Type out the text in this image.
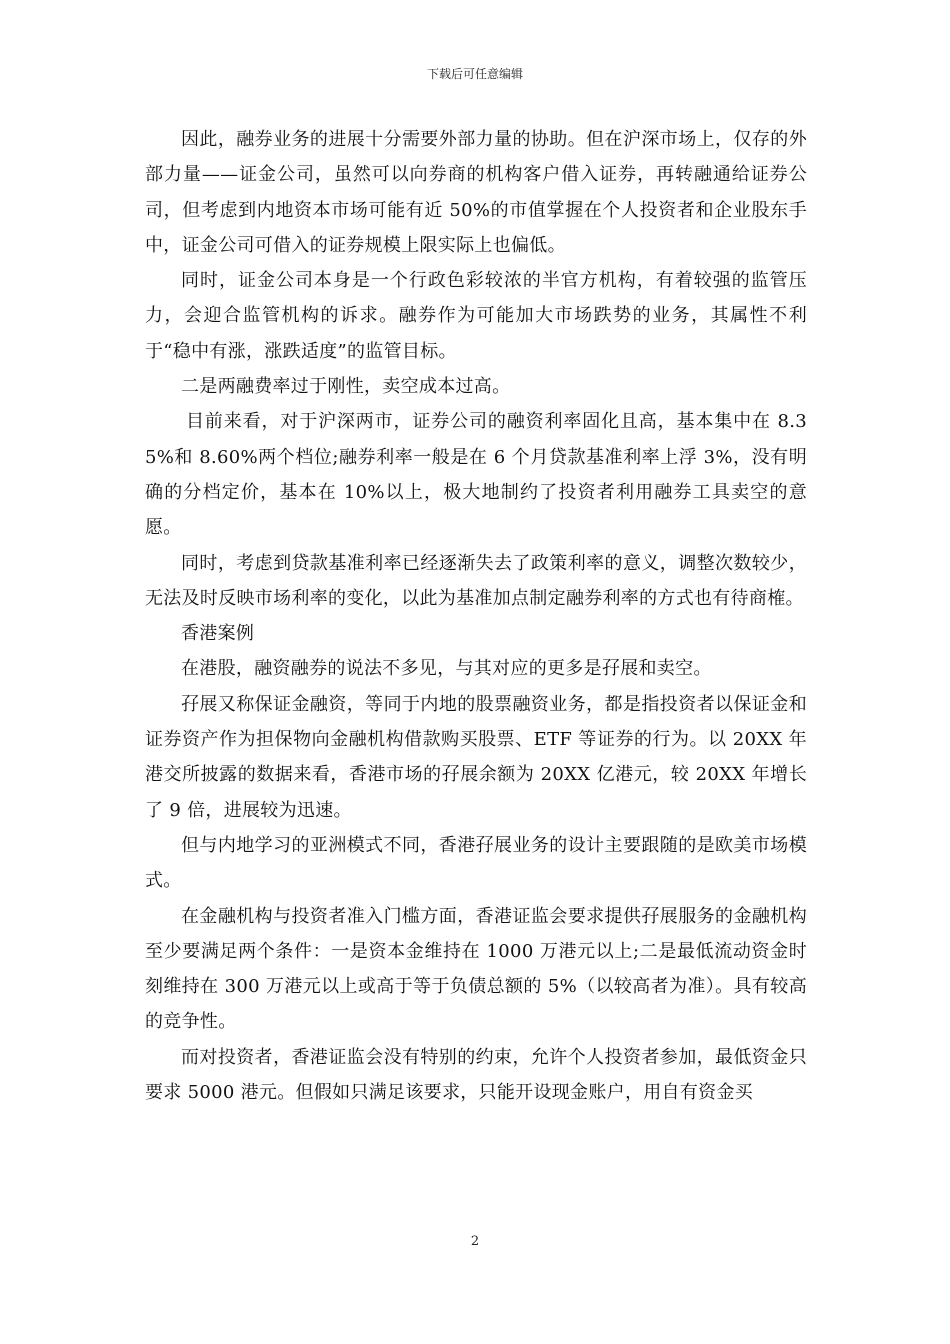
下载后可任意编辑

因此，融券业务的进展十分需要外部力量的协助。但在沪深市场上，仅存的外部力量——证金公司，虽然可以向券商的机构客户借入证券，再转融通给证券公司，但考虑到内地资本市场可能有近 50%的市值掌握在个人投资者和企业股东手中，证金公司可借入的证券规模上限实际上也偏低。

同时，证金公司本身是一个行政色彩较浓的半官方机构，有着较强的监管压力，会迎合监管机构的诉求。融券作为可能加大市场跌势的业务，其属性不利于“稳中有涨，涨跌适度”的监管目标。

二是两融费率过于刚性，卖空成本过高。

目前来看，对于沪深两市，证券公司的融资利率固化且高，基本集中在 8.35%和 8.60%两个档位;融券利率一般是在 6 个月贷款基准利率上浮 3%，没有明确的分档定价，基本在 10%以上，极大地制约了投资者利用融券工具卖空的意愿。

同时，考虑到贷款基准利率已经逐渐失去了政策利率的意义，调整次数较少，无法及时反映市场利率的变化，以此为基准加点制定融券利率的方式也有待商榷。

香港案例

在港股，融资融券的说法不多见，与其对应的更多是孖展和卖空。

孖展又称保证金融资，等同于内地的股票融资业务，都是指投资者以保证金和证券资产作为担保物向金融机构借款购买股票、ETF 等证券的行为。以 20XX 年港交所披露的数据来看，香港市场的孖展余额为 20XX 亿港元，较 20XX 年增长了 9 倍，进展较为迅速。

但与内地学习的亚洲模式不同，香港孖展业务的设计主要跟随的是欧美市场模式。

在金融机构与投资者准入门槛方面，香港证监会要求提供孖展服务的金融机构至少要满足两个条件：一是资本金维持在 1000 万港元以上;二是最低流动资金时刻维持在 300 万港元以上或高于等于负债总额的 5%（以较高者为准）。具有较高的竞争性。

而对投资者，香港证监会没有特别的约束，允许个人投资者参加，最低资金只要求 5000 港元。但假如只满足该要求，只能开设现金账户，用自有资金买

2
